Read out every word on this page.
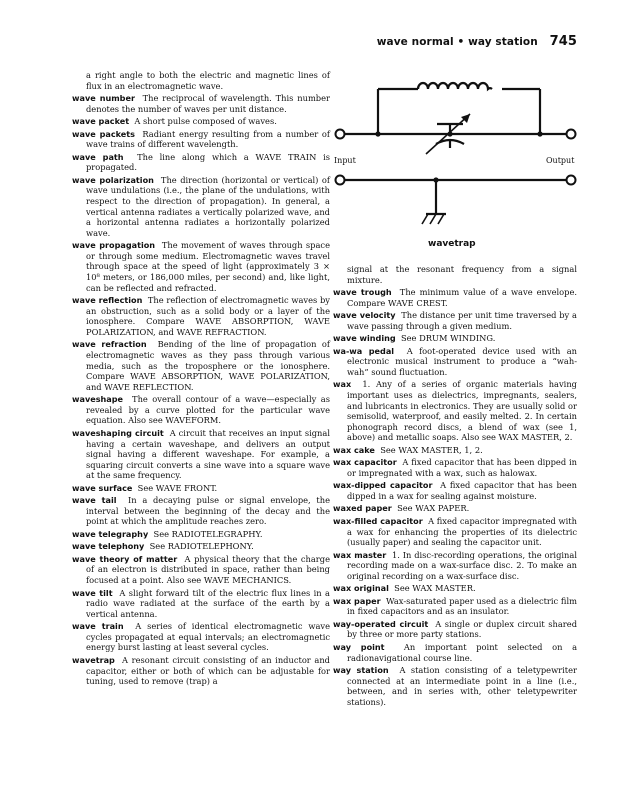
wave normal • way station 745

a right angle to both the electric and magnetic lines of flux in an electromagnetic wave.

wave number The reciprocal of wavelength. This number denotes the number of waves per unit distance.

wave packet A short pulse composed of waves.

wave packets Radiant energy resulting from a number of wave trains of different wavelength.

wave path The line along which a WAVE TRAIN is propagated.

wave polarization The direction (horizontal or vertical) of wave undulations (i.e., the plane of the undulations, with respect to the direction of propagation). In general, a vertical antenna radiates a vertically polarized wave, and a horizontal antenna radiates a horizontally polarized wave.

wave propagation The movement of waves through space or through some medium. Electromagnetic waves travel through space at the speed of light (approximately 3 × 10⁸ meters, or 186,000 miles, per second) and, like light, can be reflected and refracted.

wave reflection The reflection of electromagnetic waves by an obstruction, such as a solid body or a layer of the ionosphere. Compare WAVE ABSORPTION, WAVE POLARIZATION, and WAVE REFRACTION.

wave refraction Bending of the line of propagation of electromagnetic waves as they pass through various media, such as the troposphere or the ionosphere. Compare WAVE ABSORPTION, WAVE POLARIZATION, and WAVE REFLECTION.

waveshape The overall contour of a wave—especially as revealed by a curve plotted for the particular wave equation. Also see WAVEFORM.

waveshaping circuit A circuit that receives an input signal having a certain waveshape, and delivers an output signal having a different waveshape. For example, a squaring circuit converts a sine wave into a square wave at the same frequency.

wave surface See WAVE FRONT.

wave tail In a decaying pulse or signal envelope, the interval between the beginning of the decay and the point at which the amplitude reaches zero.

wave telegraphy See RADIOTELEGRAPHY.

wave telephony See RADIOTELEPHONY.

wave theory of matter A physical theory that the charge of an electron is distributed in space, rather than being focused at a point. Also see WAVE MECHANICS.

wave tilt A slight forward tilt of the electric flux lines in a radio wave radiated at the surface of the earth by a vertical antenna.

wave train A series of identical electromagnetic wave cycles propagated at equal intervals; an electromagnetic energy burst lasting at least several cycles.

wavetrap A resonant circuit consisting of an inductor and capacitor, either or both of which can be adjustable for tuning, used to remove (trap) a

Input	Output
wavetrap

signal at the resonant frequency from a signal mixture.

wave trough The minimum value of a wave envelope. Compare WAVE CREST.

wave velocity The distance per unit time traversed by a wave passing through a given medium.

wave winding See DRUM WINDING.

wa-wa pedal A foot-operated device used with an electronic musical instrument to produce a “wah-wah” sound fluctuation.

wax 1. Any of a series of organic materials having important uses as dielectrics, impregnants, sealers, and lubricants in electronics. They are usually solid or semisolid, waterproof, and easily melted. 2. In certain phonograph record discs, a blend of wax (see 1, above) and metallic soaps. Also see WAX MASTER, 2.

wax cake See WAX MASTER, 1, 2.

wax capacitor A fixed capacitor that has been dipped in or impregnated with a wax, such as halowax.

wax-dipped capacitor A fixed capacitor that has been dipped in a wax for sealing against moisture.

waxed paper See WAX PAPER.

wax-filled capacitor A fixed capacitor impregnated with a wax for enhancing the properties of its dielectric (usually paper) and sealing the capacitor unit.

wax master 1. In disc-recording operations, the original recording made on a wax-surface disc. 2. To make an original recording on a wax-surface disc.

wax original See WAX MASTER.

wax paper Wax-saturated paper used as a dielectric film in fixed capacitors and as an insulator.

way-operated circuit A single or duplex circuit shared by three or more party stations.

way point An important point selected on a radionavigational course line.

way station A station consisting of a teletypewriter connected at an intermediate point in a line (i.e., between, and in series with, other teletypewriter stations).
